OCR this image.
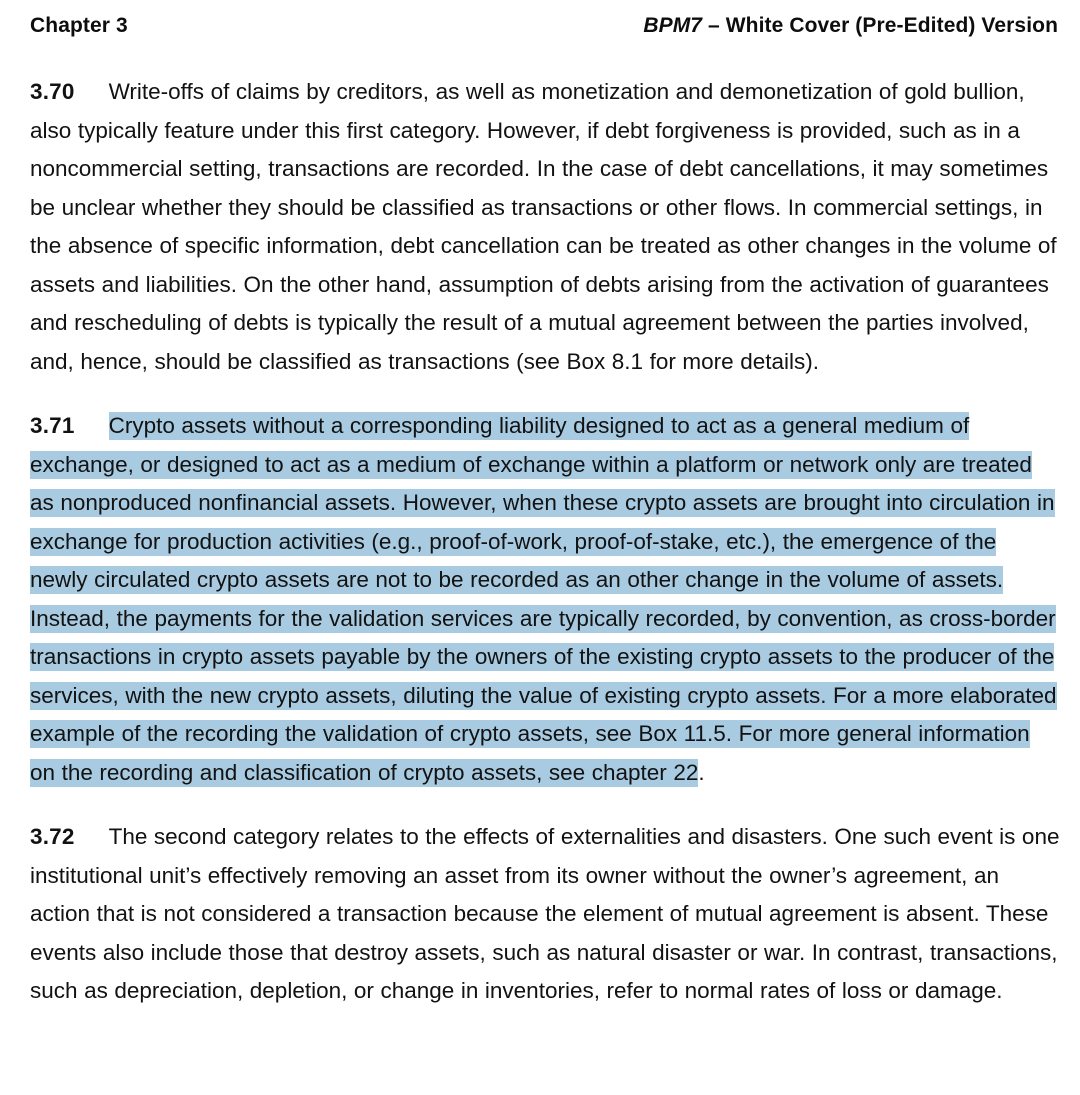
Chapter 3	BPM7 – White Cover (Pre-Edited) Version

3.70 Write-offs of claims by creditors, as well as monetization and demonetization of gold bullion, also typically feature under this first category. However, if debt forgiveness is provided, such as in a noncommercial setting, transactions are recorded. In the case of debt cancellations, it may sometimes be unclear whether they should be classified as transactions or other flows. In commercial settings, in the absence of specific information, debt cancellation can be treated as other changes in the volume of assets and liabilities. On the other hand, assumption of debts arising from the activation of guarantees and rescheduling of debts is typically the result of a mutual agreement between the parties involved, and, hence, should be classified as transactions (see Box 8.1 for more details).

3.71 Crypto assets without a corresponding liability designed to act as a general medium of exchange, or designed to act as a medium of exchange within a platform or network only are treated as nonproduced nonfinancial assets. However, when these crypto assets are brought into circulation in exchange for production activities (e.g., proof-of-work, proof-of-stake, etc.), the emergence of the newly circulated crypto assets are not to be recorded as an other change in the volume of assets. Instead, the payments for the validation services are typically recorded, by convention, as cross-border transactions in crypto assets payable by the owners of the existing crypto assets to the producer of the services, with the new crypto assets, diluting the value of existing crypto assets. For a more elaborated example of the recording the validation of crypto assets, see Box 11.5. For more general information on the recording and classification of crypto assets, see chapter 22.

3.72 The second category relates to the effects of externalities and disasters. One such event is one institutional unit’s effectively removing an asset from its owner without the owner’s agreement, an action that is not considered a transaction because the element of mutual agreement is absent. These events also include those that destroy assets, such as natural disaster or war. In contrast, transactions, such as depreciation, depletion, or change in inventories, refer to normal rates of loss or damage.
